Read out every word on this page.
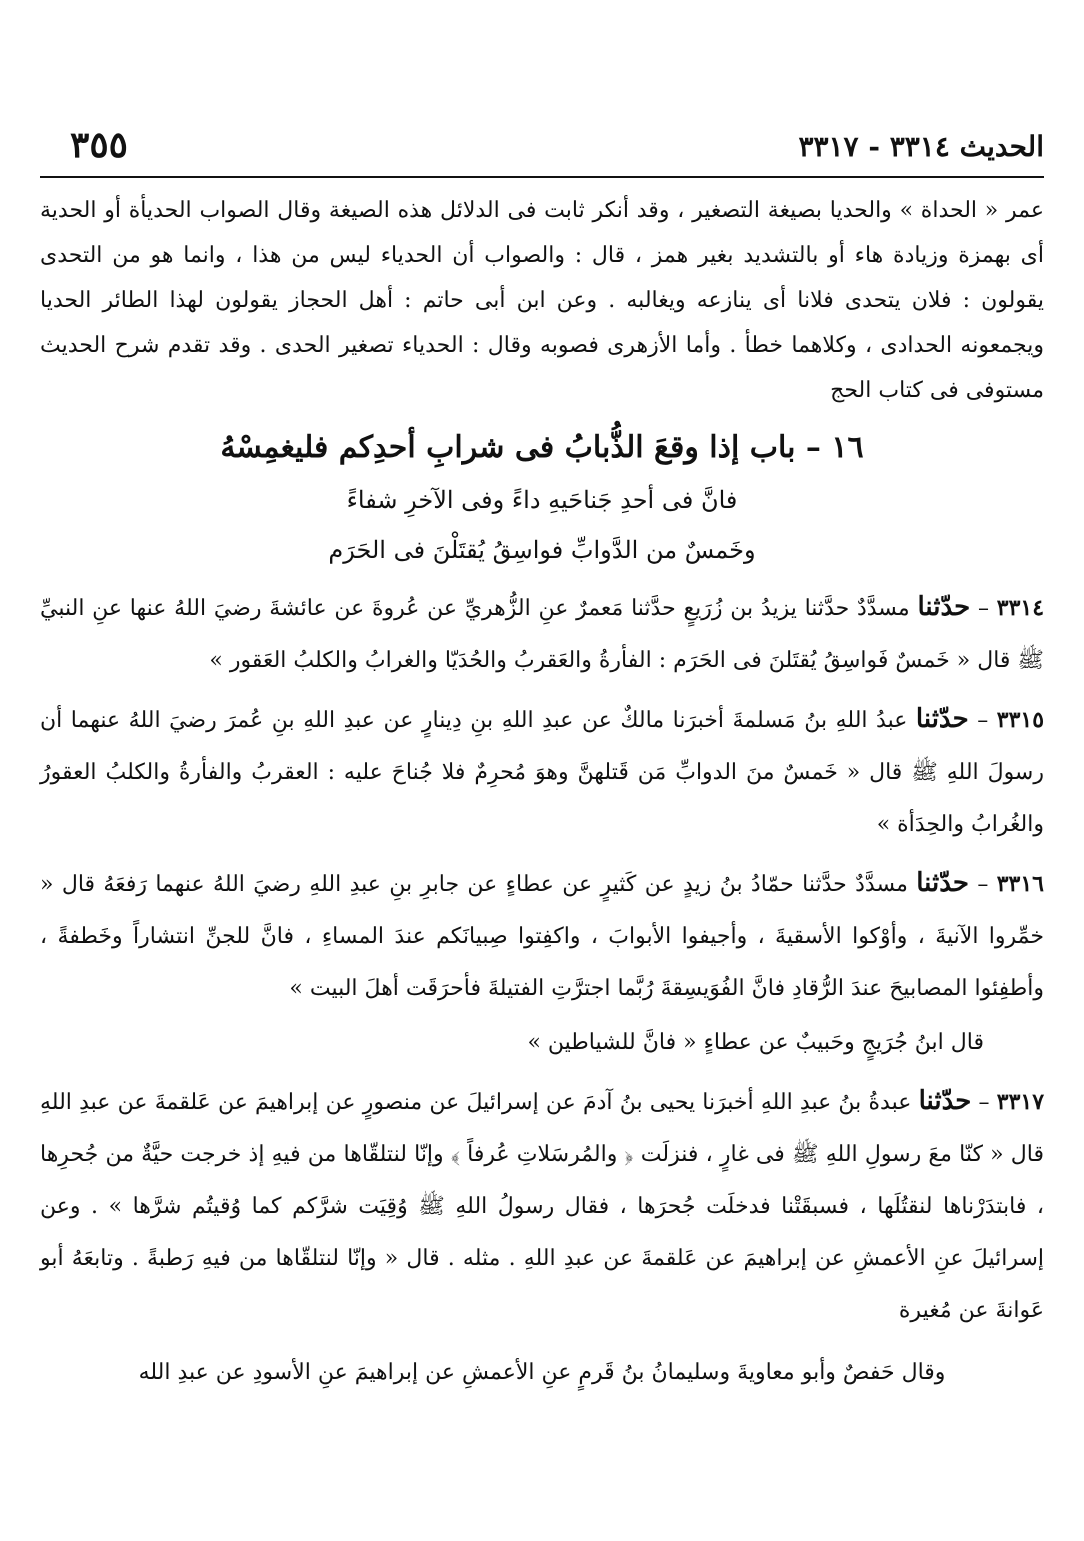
الحديث ٣٣١٤ - ٣٣١٧
٣٥٥

عمر « الحداة » والحديا بصيغة التصغير ، وقد أنكر ثابت فى الدلائل هذه الصيغة وقال الصواب الحديأة أو الحدية أى بهمزة وزيادة هاء أو بالتشديد بغير همز ، قال : والصواب أن الحدياء ليس من هذا ، وانما هو من التحدى يقولون : فلان يتحدى فلانا أى ينازعه ويغالبه . وعن ابن أبى حاتم : أهل الحجاز يقولون لهذا الطائر الحديا ويجمعونه الحدادى ، وكلاهما خطأ . وأما الأزهرى فصوبه وقال : الحدياء تصغير الحدى . وقد تقدم شرح الحديث مستوفى فى كتاب الحج

١٦ – باب إذا وقعَ الذُّبابُ فى شرابِ أحدِكم فليغمِسْهُ
فانَّ فى أحدِ جَناحَيهِ داءً وفى الآخرِ شفاءً
وخَمسٌ من الدَّوابِّ فواسِقُ يُقتَلْنَ فى الحَرَم

٣٣١٤ – حدّثنا مسدَّدٌ حدَّثنا يزيدُ بن زُرَيعٍ حدَّثنا مَعمرٌ عنِ الزُّهريِّ عن عُروةَ عن عائشةَ رضيَ اللهُ عنها عنِ النبيِّ ﷺ قال « خَمسٌ فَواسِقُ يُقتَلنَ فى الحَرَم : الفأرةُ والعَقربُ والحُدَيّا والغرابُ والكلبُ العَقور »

٣٣١٥ – حدّثنا عبدُ اللهِ بنُ مَسلمةَ أخبرَنا مالكٌ عن عبدِ اللهِ بنِ دِينارٍ عن عبدِ اللهِ بنِ عُمرَ رضيَ اللهُ عنهما أن رسولَ اللهِ ﷺ قال « خَمسٌ منَ الدوابِّ مَن قَتلهنَّ وهوَ مُحرِمٌ فلا جُناحَ عليه : العقربُ والفأرةُ والكلبُ العقورُ والغُرابُ والحِدَأة »

٣٣١٦ – حدّثنا مسدَّدٌ حدَّثنا حمّادُ بنُ زيدٍ عن كَثيرٍ عن عطاءٍ عن جابرِ بنِ عبدِ اللهِ رضيَ اللهُ عنهما رَفعَهُ قال « خمِّروا الآنيةَ ، وأوْكوا الأسقيةَ ، وأجيفوا الأبوابَ ، واكفِتوا صِبيانَكم عندَ المساءِ ، فانَّ للجنِّ انتشاراً وخَطفةً ، وأطفِئوا المصابيحَ عندَ الرُّقادِ فانَّ الفُوَيسِقةَ رُبَّما اجترَّتِ الفتيلةَ فأحرَقَت أهلَ البيت »

قال ابنُ جُرَيجٍ وحَبيبٌ عن عطاءٍ « فانَّ للشياطين »

٣٣١٧ – حدّثنا عبدةُ بنُ عبدِ اللهِ أخبرَنا يحيى بنُ آدمَ عن إسرائيلَ عن منصورٍ عن إبراهيمَ عن عَلقمةَ عن عبدِ اللهِ قال « كنّا معَ رسولِ اللهِ ﷺ فى غارٍ ، فنزلَت ﴿ والمُرسَلاتِ عُرفاً ﴾ وإنّا لنتلقّاها من فيهِ إذ خرجت حيَّةٌ من جُحرِها ، فابتدَرْناها لنقتُلَها ، فسبقَتْنا فدخلَت جُحرَها ، فقال رسولُ اللهِ ﷺ وُقِيَت شرَّكم كما وُقيتُم شرَّها » . وعن إسرائيلَ عنِ الأعمشِ عن إبراهيمَ عن عَلقمةَ عن عبدِ اللهِ . مثله . قال « وإنّا لنتلقّاها من فيهِ رَطبةً . وتابعَهُ أبو عَوانةَ عن مُغيرة

وقال حَفصٌ وأبو معاويةَ وسليمانُ بنُ قَرمٍ عنِ الأعمشِ عن إبراهيمَ عنِ الأسودِ عن عبدِ الله
